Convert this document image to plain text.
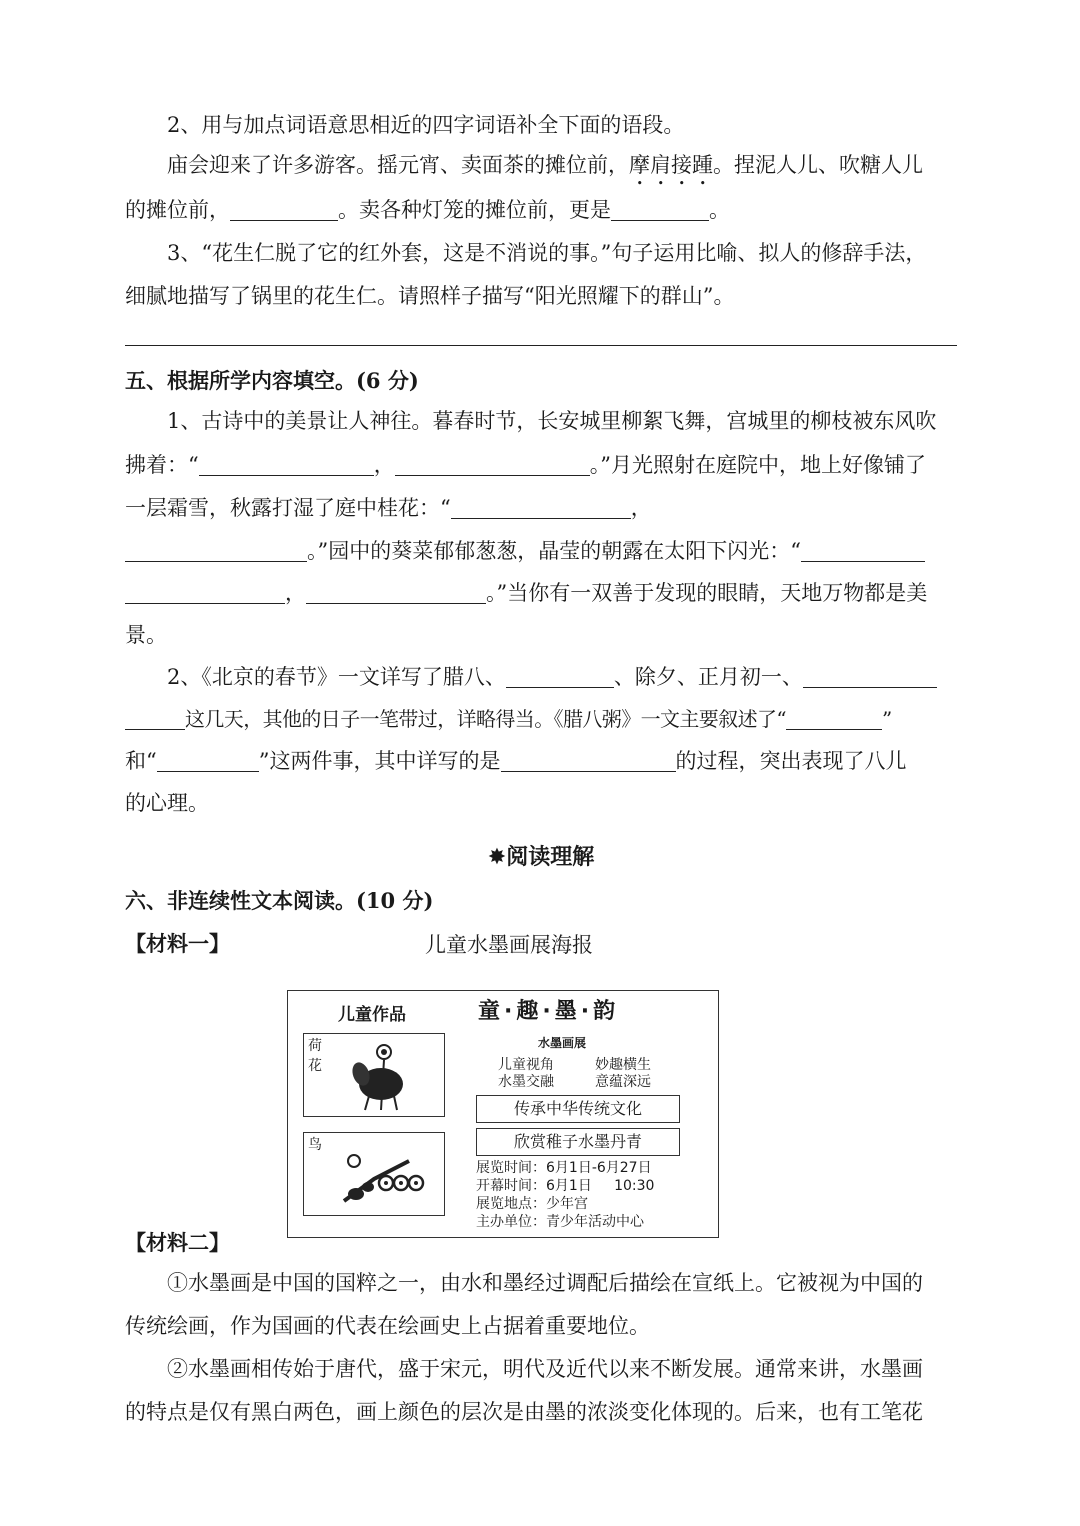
2、用与加点词语意思相近的四字词语补全下面的语段。
庙会迎来了许多游客。摇元宵、卖面茶的摊位前，摩肩接踵。捏泥人儿、吹糖人儿
的摊位前，	。卖各种灯笼的摊位前，更是	。
3、“花生仁脱了它的红外套，这是不消说的事。”句子运用比喻、拟人的修辞手法，
细腻地描写了锅里的花生仁。请照样子描写“阳光照耀下的群山”。
五、根据所学内容填空。(6 分)
1、古诗中的美景让人神往。暮春时节，长安城里柳絮飞舞，宫城里的柳枝被东风吹
拂着：“	，	。”月光照射在庭院中，地上好像铺了
一层霜雪，秋露打湿了庭中桂花：“	，
。”园中的葵菜郁郁葱葱，晶莹的朝露在太阳下闪光：“
，	。”当你有一双善于发现的眼睛，天地万物都是美
景。
2、《北京的春节》一文详写了腊八、	、除夕、正月初一、
这几天，其他的日子一笔带过，详略得当。《腊八粥》一文主要叙述了“	”
和“	”这两件事，其中详写的是	的过程，突出表现了八儿
的心理。
✸阅读理解
六、非连续性文本阅读。(10 分)
【材料一】	儿童水墨画展海报
【材料二】
①水墨画是中国的国粹之一，由水和墨经过调配后描绘在宣纸上。它被视为中国的
传统绘画，作为国画的代表在绘画史上占据着重要地位。
②水墨画相传始于唐代，盛于宋元，明代及近代以来不断发展。通常来讲，水墨画
的特点是仅有黑白两色，画上颜色的层次是由墨的浓淡变化体现的。后来，也有工笔花
儿童作品	童·趣·墨·韵
水墨画展
荷
花
鸟
儿童视角	妙趣横生
水墨交融	意蕴深远
传承中华传统文化
欣赏稚子水墨丹青
展览时间：6月1日-6月27日
开幕时间：6月1日     10:30
展览地点：少年宫
主办单位：青少年活动中心
